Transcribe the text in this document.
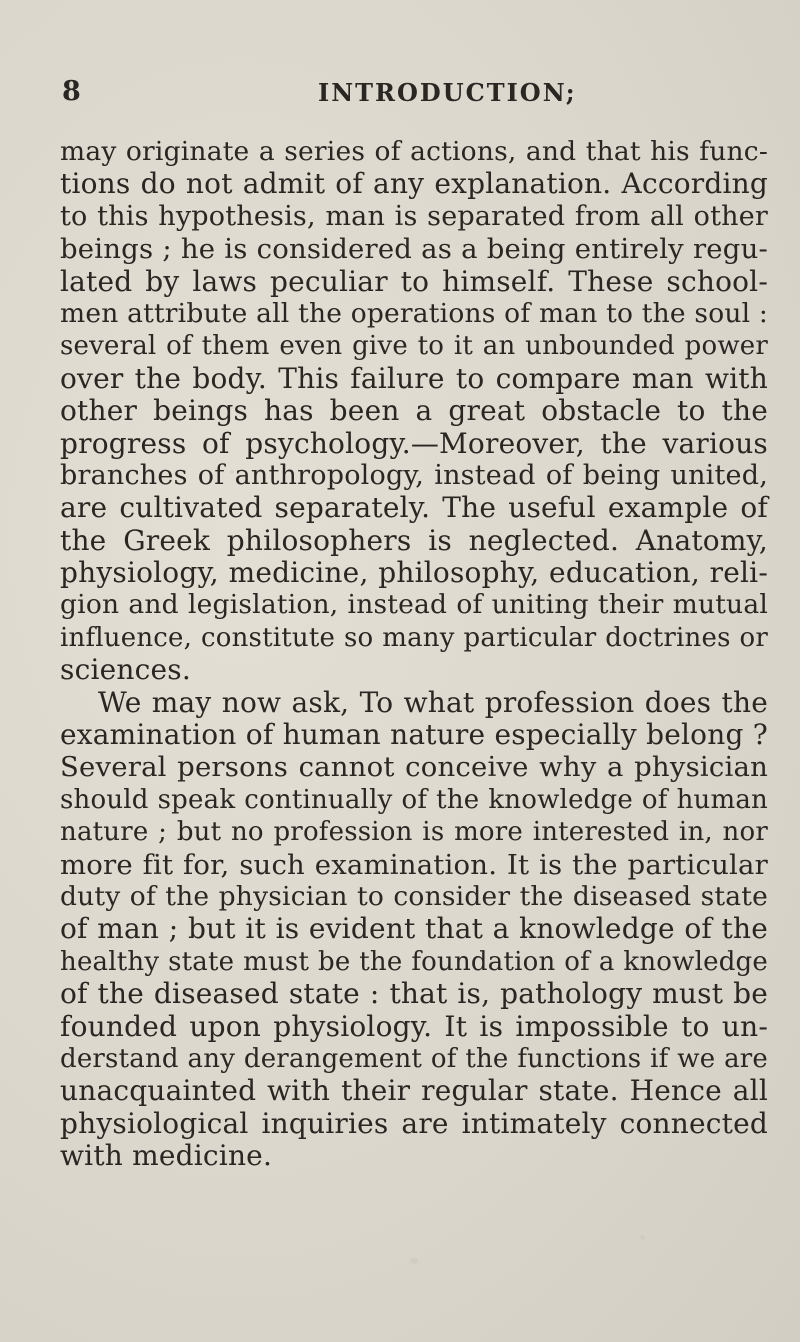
8	INTRODUCTION;
may originate a series of actions, and that his func-
tions do not admit of any explanation. According
to this hypothesis, man is separated from all other
beings ; he is considered as a being entirely regu-
lated by laws peculiar to himself. These school-
men attribute all the operations of man to the soul :
several of them even give to it an unbounded power
over the body. This failure to compare man with
other beings has been a great obstacle to the
progress of psychology.—Moreover, the various
branches of anthropology, instead of being united,
are cultivated separately. The useful example of
the Greek philosophers is neglected. Anatomy,
physiology, medicine, philosophy, education, reli-
gion and legislation, instead of uniting their mutual
influence, constitute so many particular doctrines or
sciences.
We may now ask, To what profession does the
examination of human nature especially belong ?
Several persons cannot conceive why a physician
should speak continually of the knowledge of human
nature ; but no profession is more interested in, nor
more fit for, such examination. It is the particular
duty of the physician to consider the diseased state
of man ; but it is evident that a knowledge of the
healthy state must be the foundation of a knowledge
of the diseased state : that is, pathology must be
founded upon physiology. It is impossible to un-
derstand any derangement of the functions if we are
unacquainted with their regular state. Hence all
physiological inquiries are intimately connected
with medicine.
